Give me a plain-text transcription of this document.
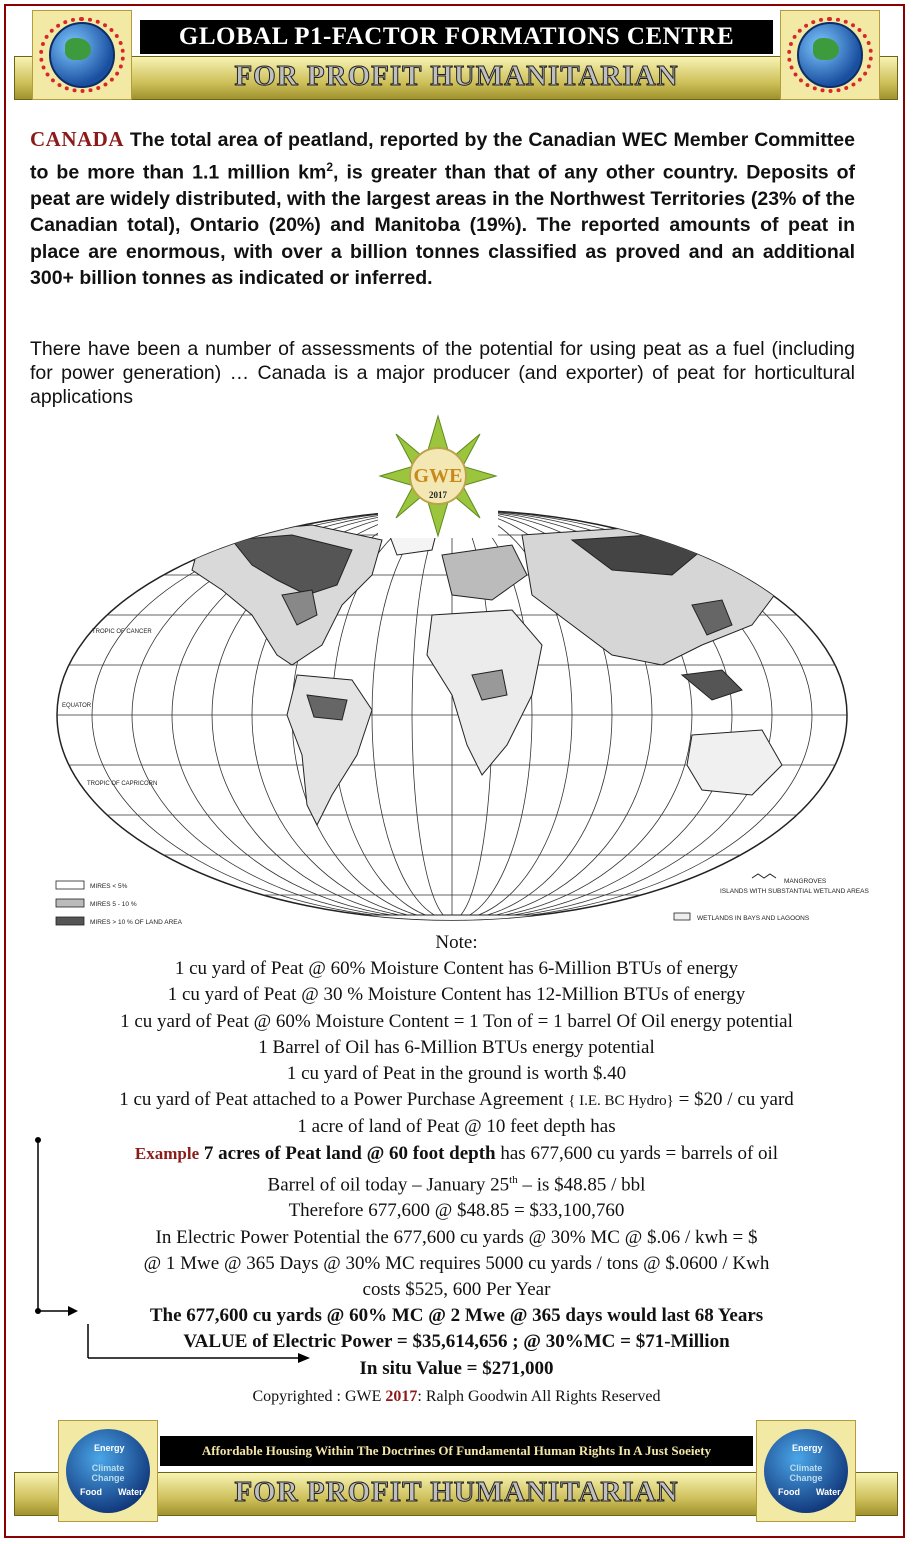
GLOBAL P1-FACTOR FORMATIONS CENTRE
FOR PROFIT HUMANITARIAN
CANADA The total area of peatland, reported by the Canadian WEC Member Committee to be more than 1.1 million $km^2$, is greater than that of any other country. Deposits of peat are widely distributed, with the largest areas in the Northwest Territories (23% of the Canadian total), Ontario (20%) and Manitoba (19%). The reported amounts of peat in place are enormous, with over a billion tonnes classified as proved and an additional 300+ billion tonnes as indicated or inferred.
There have been a number of assessments of the potential for using peat as a fuel (including for power generation) … Canada is a major producer (and exporter) of peat for horticultural applications
TROPIC OF CANCER
EQUATOR
TROPIC OF CAPRICORN
MIRES < 5%
MIRES 5 - 10 %
MIRES > 10 % OF LAND AREA
MANGROVES
ISLANDS WITH SUBSTANTIAL WETLAND AREAS
WETLANDS IN BAYS AND LAGOONS
GWE
2017
Note:
1 cu yard of Peat @ 60% Moisture Content has 6-Million BTUs of energy
1 cu yard of Peat @ 30 % Moisture Content has 12-Million BTUs of energy
1 cu yard of Peat @ 60% Moisture Content = 1 Ton of = 1 barrel Of Oil energy potential
1 Barrel of Oil has 6-Million BTUs energy potential
1 cu yard of Peat in the ground is worth $.40
1 cu yard of Peat attached to a Power Purchase Agreement { I.E. BC Hydro} = $20 / cu yard
1 acre of land of Peat @ 10 feet depth has
Example 7 acres of Peat land @ 60 foot depth has 677,600 cu yards = barrels of oil
Barrel of oil today – January 25th – is $48.85 / bbl
Therefore 677,600 @ $48.85 = $33,100,760
In Electric Power Potential the 677,600 cu yards @ 30% MC @ $.06 / kwh = $
@ 1 Mwe @ 365 Days @ 30% MC requires 5000 cu yards / tons @ $.0600 / Kwh
costs $525, 600 Per Year
The 677,600 cu yards @ 60% MC @ 2 Mwe @ 365 days would last 68 Years
VALUE of Electric Power = $35,614,656 ; @ 30%MC = $71-Million
In situ Value = $271,000
Copyrighted : GWE 2017: Ralph Goodwin All Rights Reserved
Energy
Climate Change
Food Water
Energy
Climate Change
Food Water
Affordable Housing Within The Doctrines Of Fundamental Human Rights In A Just Soeiety
FOR PROFIT HUMANITARIAN
